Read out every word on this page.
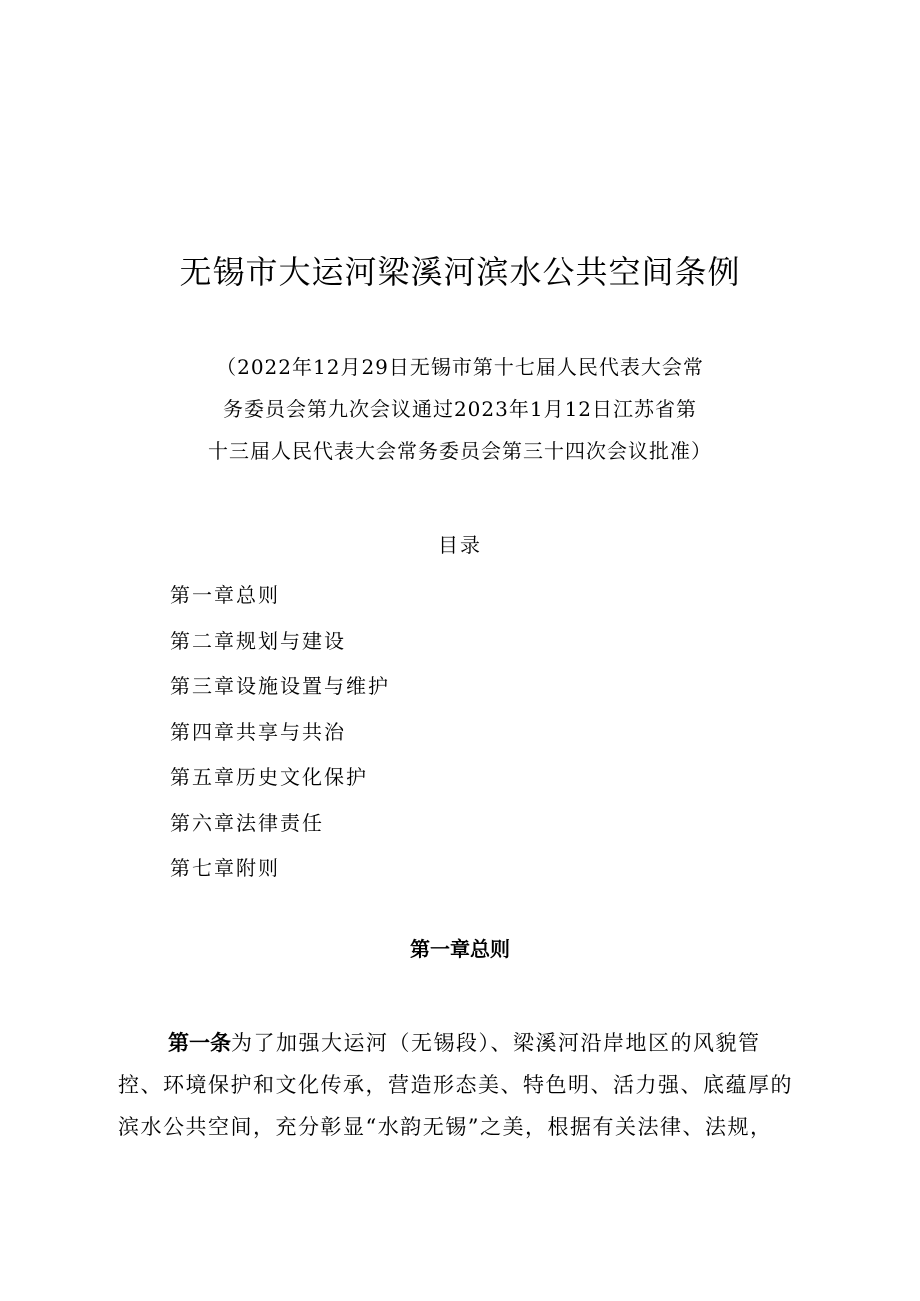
无锡市大运河梁溪河滨水公共空间条例
（2022年12月29日无锡市第十七届人民代表大会常
务委员会第九次会议通过2023年1月12日江苏省第
十三届人民代表大会常务委员会第三十四次会议批准）
目录
第一章总则
第二章规划与建设
第三章设施设置与维护
第四章共享与共治
第五章历史文化保护
第六章法律责任
第七章附则
第一章总则
第一条为了加强大运河（无锡段）、梁溪河沿岸地区的风貌管
控、环境保护和文化传承，营造形态美、特色明、活力强、底蕴厚的
滨水公共空间，充分彰显“水韵无锡”之美，根据有关法律、法规，
